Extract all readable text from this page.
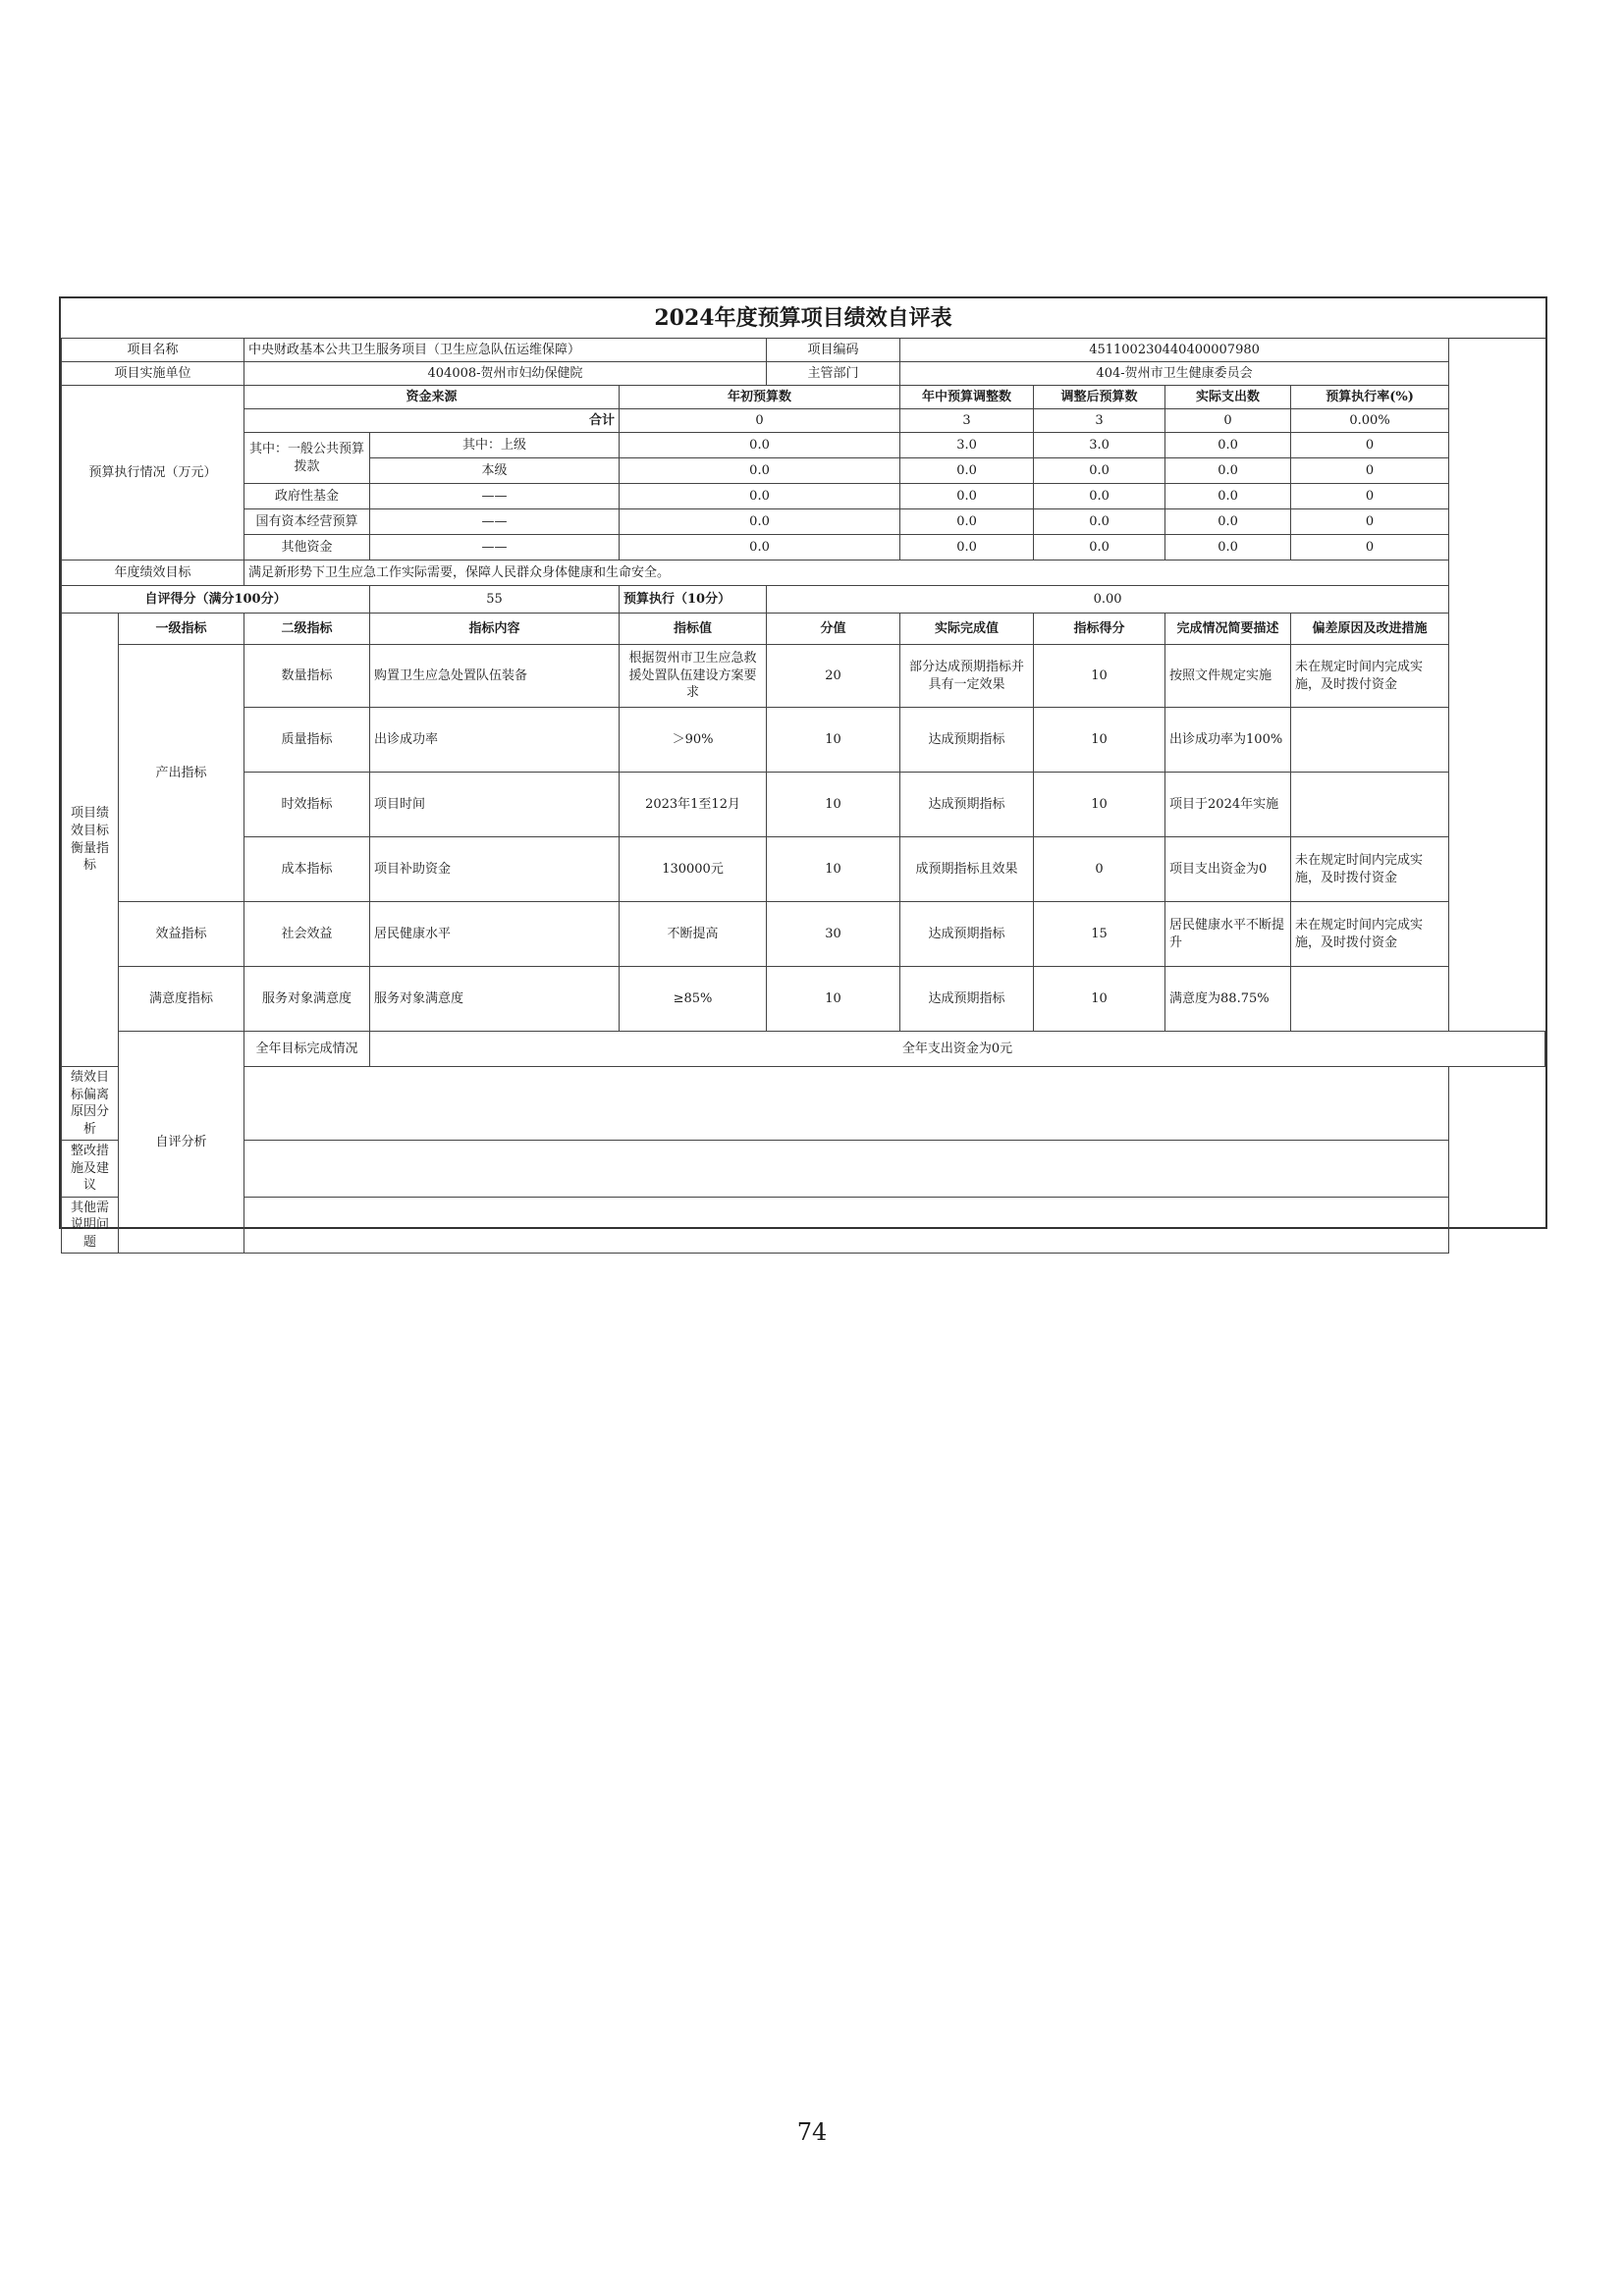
2024年度预算项目绩效自评表
项目名称		中央财政基本公共卫生服务项目（卫生应急队伍运维保障）			项目编码	451100230440400007980			
项目实施单位		404008-贺州市妇幼保健院			主管部门	404-贺州市卫生健康委员会			
预算执行情况（万元）		资金来源		年初预算数		年中预算调整数	调整后预算数	实际支出数	预算执行率(%)
		合计		0		3	3	0	0.00%
		其中：一般公共预算拨款	其中：上级	0.0		3.0	3.0	0.0	0
			本级	0.0		0.0	0.0	0.0	0
		政府性基金	——	0.0		0.0	0.0	0.0	0
		国有资本经营预算	——	0.0		0.0	0.0	0.0	0
		其他资金	——	0.0		0.0	0.0	0.0	0
年度绩效目标		满足新形势下卫生应急工作实际需要，保障人民群众身体健康和生命安全。							
自评得分（满分100分）			55	预算执行（10分）	0.00				
项目绩效目标衡量指标	一级指标	二级指标	指标内容	指标值	分值	实际完成值	指标得分	完成情况简要描述	偏差原因及改进措施
	产出指标	数量指标	购置卫生应急处置队伍装备	根据贺州市卫生应急救援处置队伍建设方案要求	20	部分达成预期指标并具有一定效果	10	按照文件规定实施	未在规定时间内完成实施，及时拨付资金
		质量指标	出诊成功率	＞90%	10	达成预期指标	10	出诊成功率为100%	
		时效指标	项目时间	2023年1至12月	10	达成预期指标	10	项目于2024年实施	
		成本指标	项目补助资金	130000元	10	成预期指标且效果	0	项目支出资金为0	未在规定时间内完成实施，及时拨付资金
	效益指标	社会效益	居民健康水平	不断提高	30	达成预期指标	15	居民健康水平不断提升	未在规定时间内完成实施，及时拨付资金
	满意度指标	服务对象满意度	服务对象满意度	≥85%	10	达成预期指标	10	满意度为88.75%	
	自评分析	全年目标完成情况	全年支出资金为0元						
绩效目标偏离原因分析									
整改措施及建议									
其他需说明问题									
74
